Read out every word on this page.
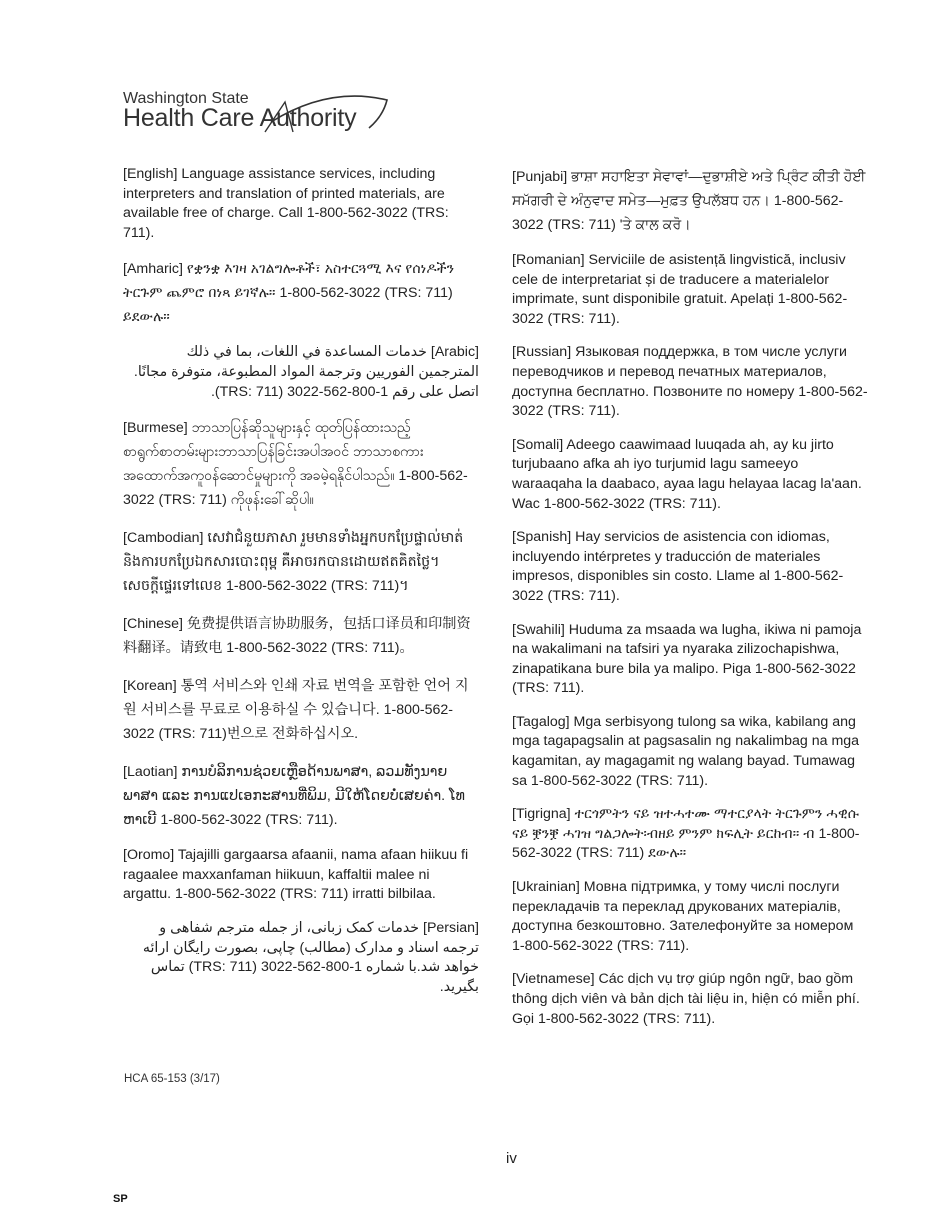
Washington State
Health Care Authority

[English] Language assistance services, including interpreters and translation of printed materials, are available free of charge. Call 1-800-562-3022 (TRS: 711).

[Amharic] የቋንቋ እገዛ አገልግሎቶች፣ አስተርጓሚ እና የሰነዶችን ትርጉም ጨምሮ በነጻ ይገኛሉ። 1-800-562-3022 (TRS: 711) ይደውሉ።

[Arabic] خدمات المساعدة في اللغات، بما في ذلك المترجمين الفوريين وترجمة المواد المطبوعة، متوفرة مجانًا. اتصل على رقم 1-800-562-3022 (TRS: 711).

[Burmese] ဘာသာပြန်ဆိုသူများနှင့် ထုတ်ပြန်ထားသည့် စာရွက်စာတမ်းများဘာသာပြန်ခြင်းအပါအဝင် ဘာသာစကားအထောက်အကူဝန်ဆောင်မှုများကို အခမဲ့ရနိုင်ပါသည်။ 1-800-562-3022 (TRS: 711) ကိုဖုန်းခေါ်ဆိုပါ။

[Cambodian] សេវាជំនួយភាសា រួមមានទាំងអ្នកបកប្រែផ្ទាល់មាត់ និងការបកប្រែឯកសារបោះពុម្ព គឺអាចរកបានដោយឥតគិតថ្លៃ។ សេចក្ដីផ្ទេរទៅលេខ 1-800-562-3022 (TRS: 711)។

[Chinese] 免费提供语言协助服务，包括口译员和印制资料翻译。请致电 1-800-562-3022 (TRS: 711)。

[Korean] 통역 서비스와 인쇄 자료 번역을 포함한 언어 지원 서비스를 무료로 이용하실 수 있습니다. 1-800-562-3022 (TRS: 711)번으로 전화하십시오.

[Laotian] ການບໍລິການຊ່ວຍເຫຼືອດ້ານພາສາ, ລວມທັງນາຍພາສາ ແລະ ການແປເອກະສານທີ່ພິມ, ມີໃຫ້ໂດຍບໍ່ເສຍຄ່າ. ໂທຫາເບີ 1-800-562-3022 (TRS: 711).

[Oromo] Tajajilli gargaarsa afaanii, nama afaan hiikuu fi ragaalee maxxanfaman hiikuun, kaffaltii malee ni argattu. 1-800-562-3022 (TRS: 711) irratti bilbilaa.

[Persian] خدمات کمک زبانی، از جمله مترجم شفاهی و ترجمه اسناد و مدارک (مطالب) چاپی، بصورت رایگان ارائه خواهد شد.با شماره 1-800-562-3022 (TRS: 711) تماس بگیرید.

[Punjabi] ਭਾਸ਼ਾ ਸਹਾਇਤਾ ਸੇਵਾਵਾਂ—ਦੁਭਾਸ਼ੀਏ ਅਤੇ ਪ੍ਰਿੰਟ ਕੀਤੀ ਹੋਈ ਸਮੱਗਰੀ ਦੇ ਅੰਨੁਵਾਦ ਸਮੇਤ—ਮੁਫ਼ਤ ਉਪਲੱਬਧ ਹਨ। 1-800-562-3022 (TRS: 711) 'ਤੇ ਕਾਲ ਕਰੋ।

[Romanian] Serviciile de asistență lingvistică, inclusiv cele de interpretariat și de traducere a materialelor imprimate, sunt disponibile gratuit. Apelați 1-800-562-3022 (TRS: 711).

[Russian] Языковая поддержка, в том числе услуги переводчиков и перевод печатных материалов, доступна бесплатно. Позвоните по номеру 1-800-562-3022 (TRS: 711).

[Somali] Adeego caawimaad luuqada ah, ay ku jirto turjubaano afka ah iyo turjumid lagu sameeyo waraaqaha la daabaco, ayaa lagu helayaa lacag la'aan. Wac 1-800-562-3022 (TRS: 711).

[Spanish] Hay servicios de asistencia con idiomas, incluyendo intérpretes y traducción de materiales impresos, disponibles sin costo. Llame al 1-800-562-3022 (TRS: 711).

[Swahili] Huduma za msaada wa lugha, ikiwa ni pamoja na wakalimani na tafsiri ya nyaraka zilizochapishwa, zinapatikana bure bila ya malipo. Piga 1-800-562-3022 (TRS: 711).

[Tagalog] Mga serbisyong tulong sa wika, kabilang ang mga tagapagsalin at pagsasalin ng nakalimbag na mga kagamitan, ay magagamit ng walang bayad. Tumawag sa 1-800-562-3022 (TRS: 711).

[Tigrigna] ተርጎምትን ናይ ዝተሓተሙ ማተርያላት ትርጉምን ሓዊሱ ናይ ቛንቛ ሓገዝ ግልጋሎት፡ብዘይ ምንም ክፍሊት ይርከብ። ብ 1-800-562-3022 (TRS: 711) ደውሉ።

[Ukrainian] Мовна підтримка, у тому числі послуги перекладачів та переклад друкованих матеріалів, доступна безкоштовно. Зателефонуйте за номером 1-800-562-3022 (TRS: 711).

[Vietnamese] Các dịch vụ trợ giúp ngôn ngữ, bao gồm thông dịch viên và bản dịch tài liệu in, hiện có miễn phí. Gọi 1-800-562-3022 (TRS: 711).

HCA 65-153 (3/17)
iv
SP
